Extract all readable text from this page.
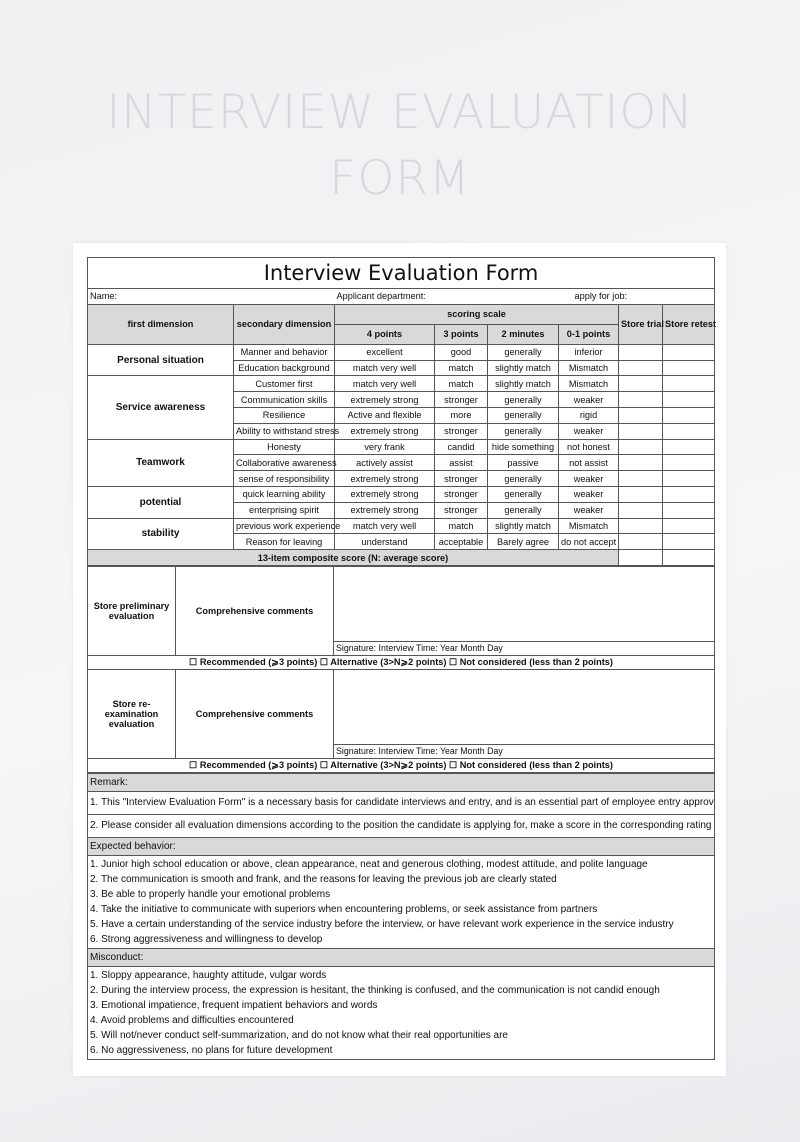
INTERVIEW EVALUATION
FORM
Interview Evaluation Form							
Name:		Applicant department:				apply for job:	
first dimension	secondary dimension	scoring scale				Store trial	Store retest
		4 points	3 points	2 minutes	0-1 points		
Personal situation	Manner and behavior	excellent	good	generally	inferior		
	Education background	match very well	match	slightly match	Mismatch		
Service awareness	Customer first	match very well	match	slightly match	Mismatch		
	Communication skills	extremely strong	stronger	generally	weaker		
	Resilience	Active and flexible	more	generally	rigid		
	Ability to withstand stress	extremely strong	stronger	generally	weaker		
Teamwork	Honesty	very frank	candid	hide something	not honest		
	Collaborative awareness	actively assist	assist	passive	not assist		
	sense of responsibility	extremely strong	stronger	generally	weaker		
potential	quick learning ability	extremely strong	stronger	generally	weaker		
	enterprising spirit	extremely strong	stronger	generally	weaker		
stability	previous work experience	match very well	match	slightly match	Mismatch		
	Reason for leaving	understand	acceptable	Barely agree	do not accept		
13-item composite score (N: average score)							
Store preliminary evaluation	Comprehensive comments	
		Signature: Interview Time: Year Month Day
☐ Recommended (⩾3 points) ☐ Alternative (3>N⩾2 points) ☐ Not considered (less than 2 points)		
Store re-examination evaluation	Comprehensive comments	
		Signature: Interview Time: Year Month Day
☐ Recommended (⩾3 points) ☐ Alternative (3>N⩾2 points) ☐ Not considered (less than 2 points)		
Remark:
1. This "Interview Evaluation Form" is a necessary basis for candidate interviews and entry, and is an essential part of employee entry approv
2. Please consider all evaluation dimensions according to the position the candidate is applying for, make a score in the corresponding rating
Expected behavior:

1. Junior high school education or above, clean appearance, neat and generous clothing, modest attitude, and polite language
2. The communication is smooth and frank, and the reasons for leaving the previous job are clearly stated
3. Be able to properly handle your emotional problems
4. Take the initiative to communicate with superiors when encountering problems, or seek assistance from partners
5. Have a certain understanding of the service industry before the interview, or have relevant work experience in the service industry
6. Strong aggressiveness and willingness to develop

Misconduct:

1. Sloppy appearance, haughty attitude, vulgar words
2. During the interview process, the expression is hesitant, the thinking is confused, and the communication is not candid enough
3. Emotional impatience, frequent impatient behaviors and words
4. Avoid problems and difficulties encountered
5. Will not/never conduct self-summarization, and do not know what their real opportunities are
6. No aggressiveness, no plans for future development
